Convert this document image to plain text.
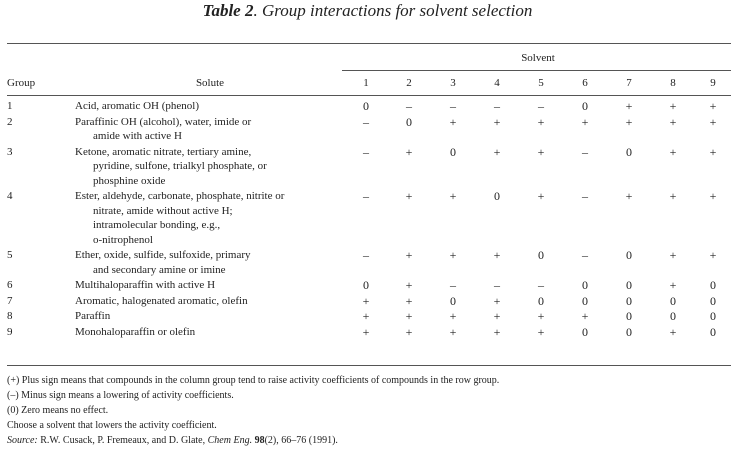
Table 2. Group interactions for solvent selection
		Solvent								
Group	Solute	1	2	3	4	5	6	7	8	9
1	Acid, aromatic OH (phenol)	0	–	–	–	–	0	+	+	+
2	Paraffinic OH (alcohol), water, imide or
amide with active H	–	0	+	+	+	+	+	+	+
3	Ketone, aromatic nitrate, tertiary amine,
pyridine, sulfone, trialkyl phosphate, or
phosphine oxide	–	+	0	+	+	–	0	+	+
4	Ester, aldehyde, carbonate, phosphate, nitrite or
nitrate, amide without active H;
intramolecular bonding, e.g.,
o-nitrophenol	–	+	+	0	+	–	+	+	+
5	Ether, oxide, sulfide, sulfoxide, primary
and secondary amine or imine	–	+	+	+	0	–	0	+	+
6	Multihaloparaffin with active H	0	+	–	–	–	0	0	+	0
7	Aromatic, halogenated aromatic, olefin	+	+	0	+	0	0	0	0	0
8	Paraffin	+	+	+	+	+	+	0	0	0
9	Monohaloparaffin or olefin	+	+	+	+	+	0	0	+	0
(+) Plus sign means that compounds in the column group tend to raise activity coefficients of compounds in the row group.
(–) Minus sign means a lowering of activity coefficients.
(0) Zero means no effect.
Choose a solvent that lowers the activity coefficient.
Source: R.W. Cusack, P. Fremeaux, and D. Glate, Chem Eng. 98(2), 66–76 (1991).
